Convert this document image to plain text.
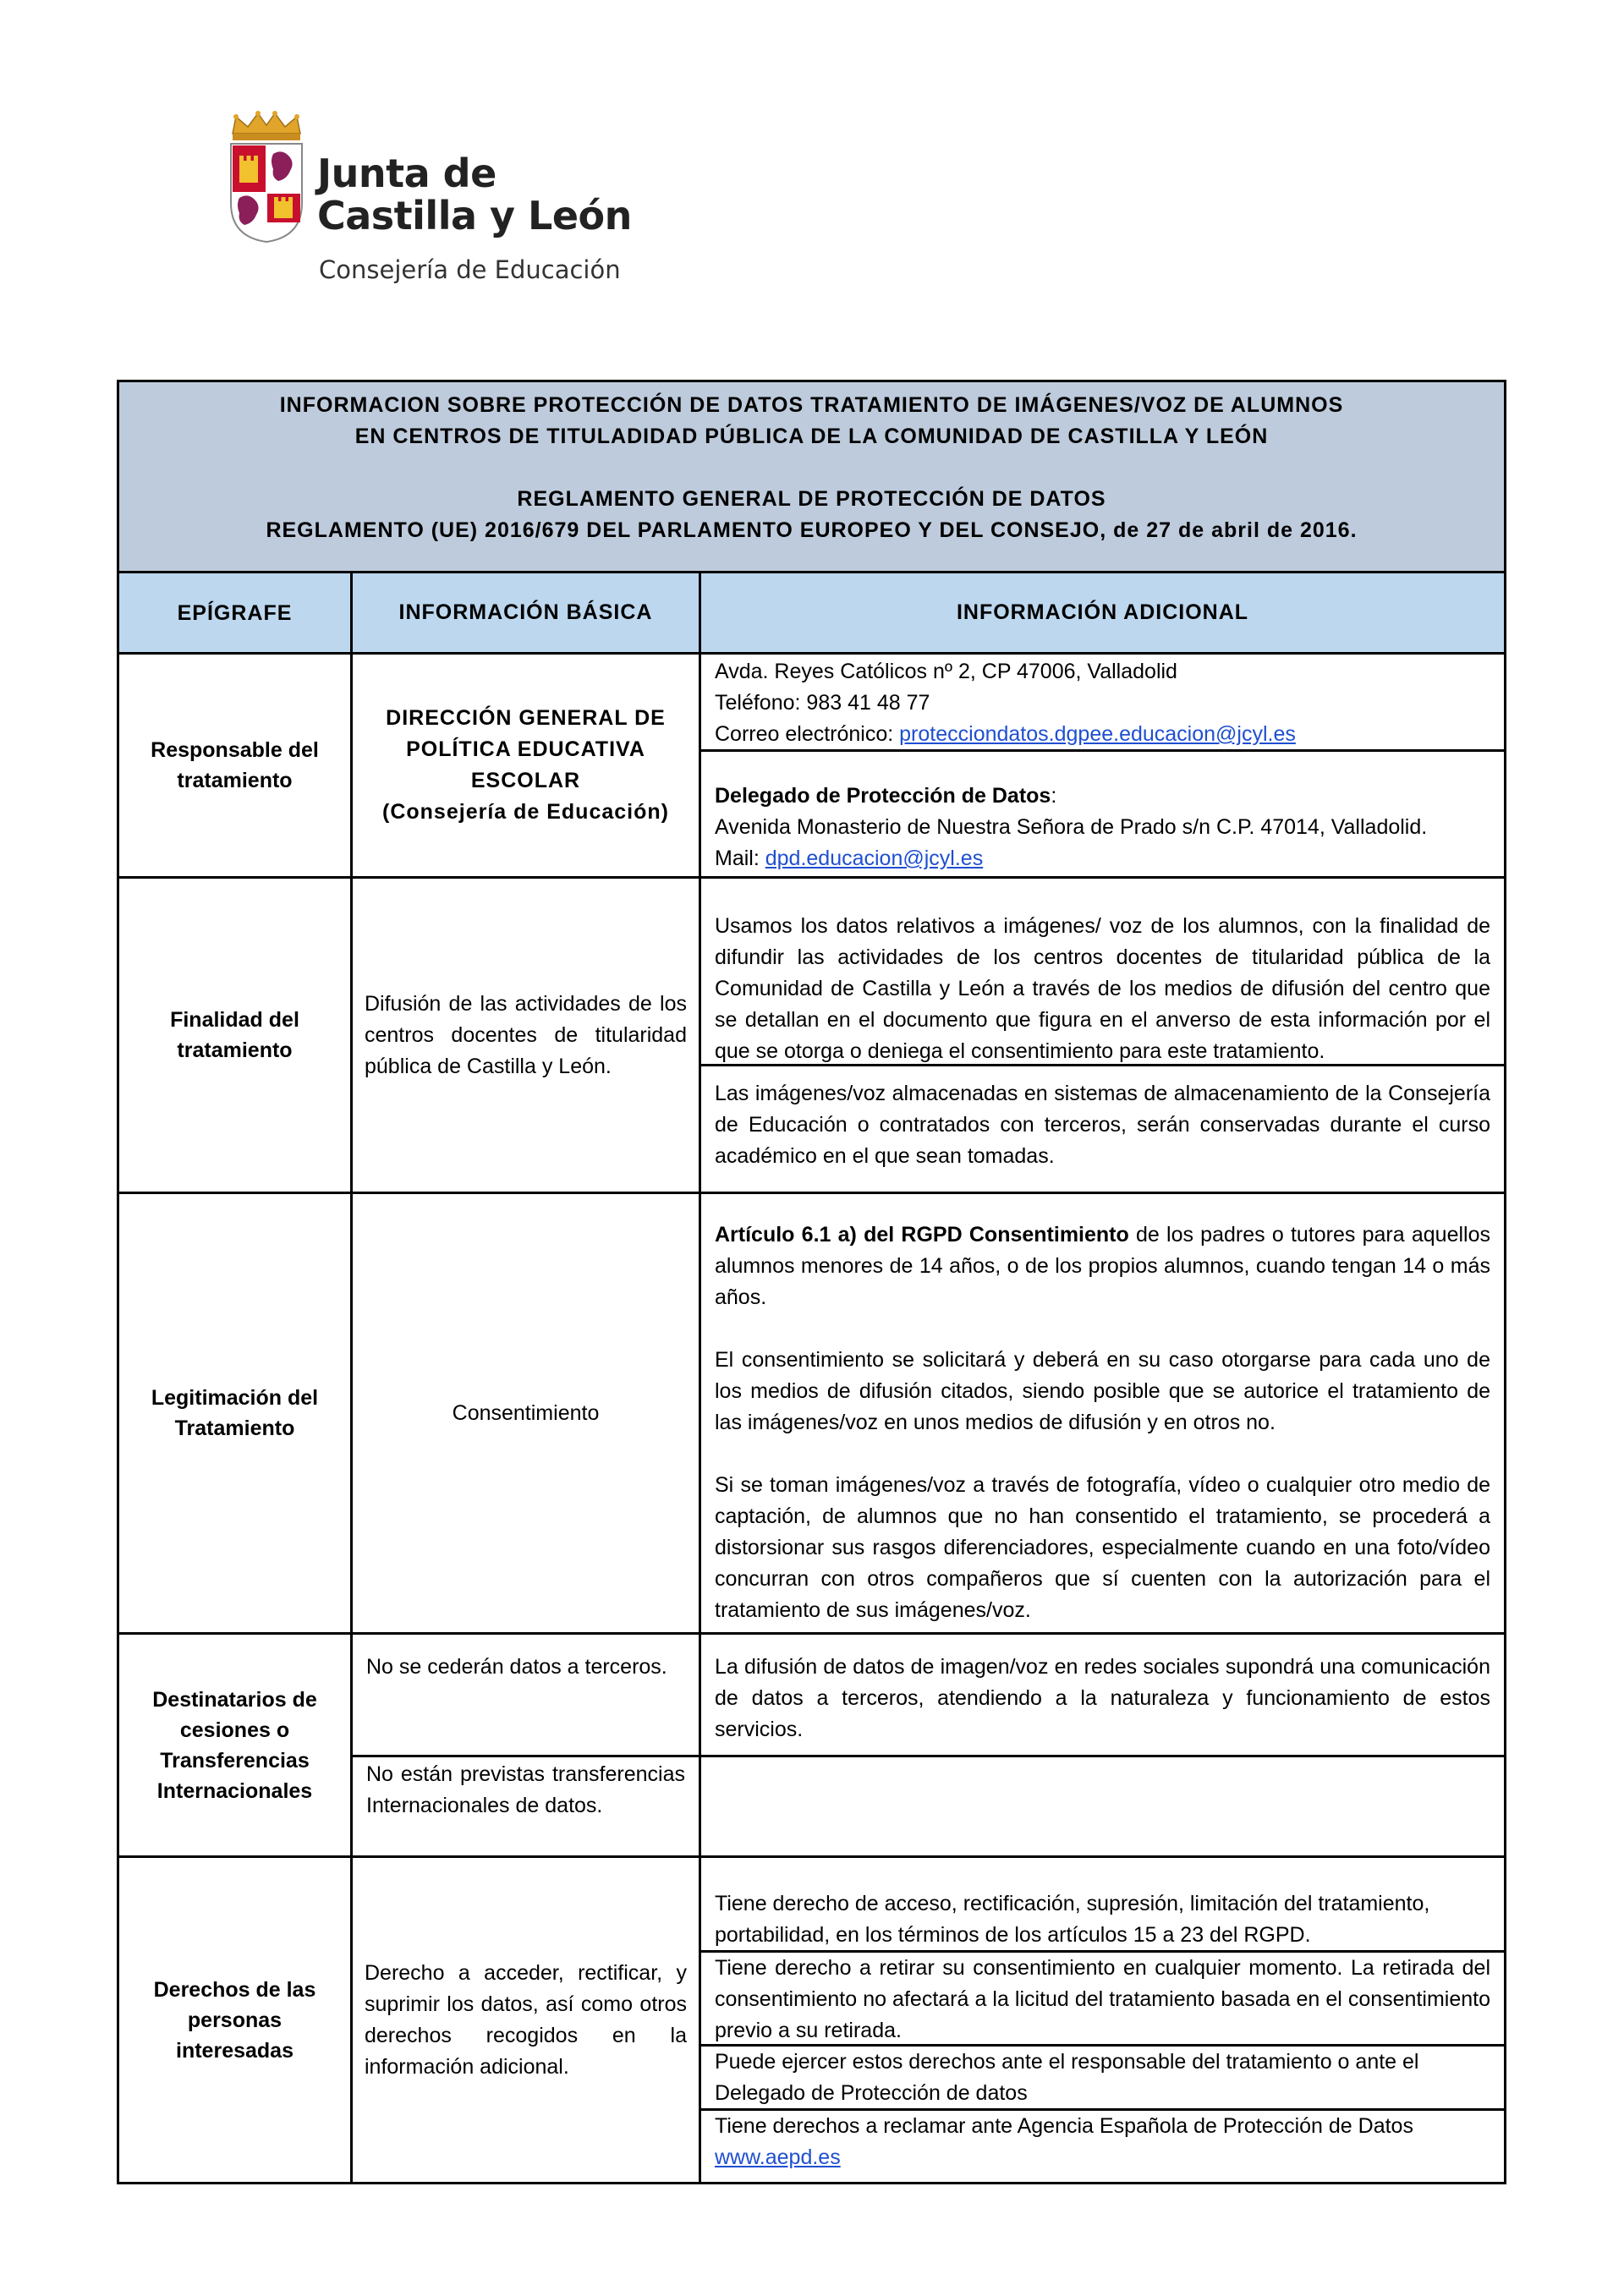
Junta de
Castilla y León
Consejería de Educación
INFORMACION SOBRE PROTECCIÓN DE DATOS TRATAMIENTO DE IMÁGENES/VOZ DE ALUMNOS
EN CENTROS DE TITULADIDAD PÚBLICA DE LA COMUNIDAD DE CASTILLA Y LEÓN
REGLAMENTO GENERAL DE PROTECCIÓN DE DATOS
REGLAMENTO (UE) 2016/679 DEL PARLAMENTO EUROPEO Y DEL CONSEJO, de 27 de abril de 2016.
EPÍGRAFE	INFORMACIÓN BÁSICA	INFORMACIÓN ADICIONAL
Responsable del tratamiento
DIRECCIÓN GENERAL DE POLÍTICA EDUCATIVA ESCOLAR
(Consejería de Educación)
Avda. Reyes Católicos nº 2, CP 47006, Valladolid
Teléfono: 983 41 48 77
Correo electrónico: protecciondatos.dgpee.educacion@jcyl.es
Delegado de Protección de Datos:
Avenida Monasterio de Nuestra Señora de Prado s/n C.P. 47014, Valladolid.
Mail: dpd.educacion@jcyl.es
Finalidad del tratamiento
Difusión de las actividades de los centros docentes de titularidad pública de Castilla y León.
Usamos los datos relativos a imágenes/ voz de los alumnos, con la finalidad de difundir las actividades de los centros docentes de titularidad pública de la Comunidad de Castilla y León a través de los medios de difusión del centro que se detallan en el documento que figura en el anverso de esta información por el que se otorga o deniega el consentimiento para este tratamiento.
Las imágenes/voz almacenadas en sistemas de almacenamiento de la Consejería de Educación o contratados con terceros, serán conservadas durante el curso académico en el que sean tomadas.
Legitimación del Tratamiento
Consentimiento
Artículo 6.1 a) del RGPD Consentimiento de los padres o tutores para aquellos alumnos menores de 14 años, o de los propios alumnos, cuando tengan 14 o más años.
El consentimiento se solicitará y deberá en su caso otorgarse para cada uno de los medios de difusión citados, siendo posible que se autorice el tratamiento de las imágenes/voz en unos medios de difusión y en otros no.
Si se toman imágenes/voz a través de fotografía, vídeo o cualquier otro medio de captación, de alumnos que no han consentido el tratamiento, se procederá a distorsionar sus rasgos diferenciadores, especialmente cuando en una foto/vídeo concurran con otros compañeros que sí cuenten con la autorización para el tratamiento de sus imágenes/voz.
Destinatarios de cesiones o Transferencias Internacionales
No se cederán datos a terceros.
No están previstas transferencias Internacionales de datos.
La difusión de datos de imagen/voz en redes sociales supondrá una comunicación de datos a terceros, atendiendo a la naturaleza y funcionamiento de estos servicios.
Derechos de las personas interesadas
Derecho a acceder, rectificar, y suprimir los datos, así como otros derechos recogidos en la información adicional.
Tiene derecho de acceso, rectificación, supresión, limitación del tratamiento, portabilidad, en los términos de los artículos 15 a 23 del RGPD.
Tiene derecho a retirar su consentimiento en cualquier momento. La retirada del consentimiento no afectará a la licitud del tratamiento basada en el consentimiento previo a su retirada.
Puede ejercer estos derechos ante el responsable del tratamiento o ante el Delegado de Protección de datos
Tiene derechos a reclamar ante Agencia Española de Protección de Datos
www.aepd.es
